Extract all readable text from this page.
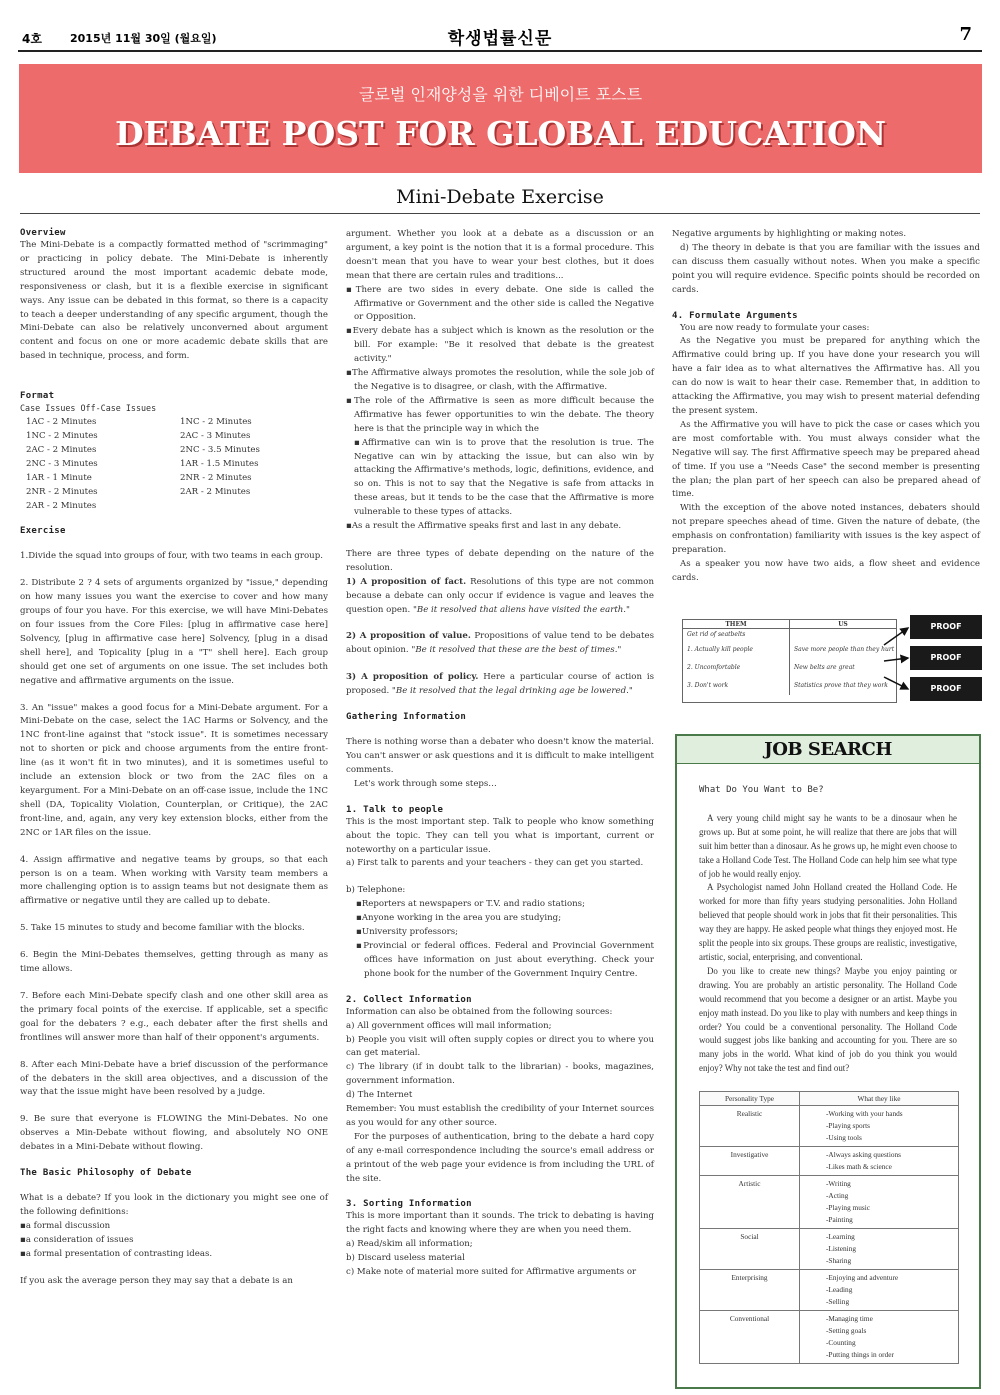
4호	2015년 11월 30일 (월요일)	학생법률신문	7
글로벌 인재양성을 위한 디베이트 포스트
DEBATE POST FOR GLOBAL EDUCATION
Mini-Debate Exercise
Overview

The Mini-Debate is a compactly formatted method of "scrimmaging" or practicing in policy debate. The Mini-Debate is inherently structured around the most important academic debate mode, responsiveness or clash, but it is a flexible exercise in significant ways. Any issue can be debated in this format, so there is a capacity to teach a deeper understanding of any specific argument, though the Mini-Debate can also be relatively unconverned about argument content and focus on one or more academic debate skills that are based in technique, process, and form.

Format
Case Issues Off-Case Issues
1AC - 2 Minutes	1NC - 2 Minutes
1NC - 2 Minutes	2AC - 3 Minutes
2AC - 2 Minutes	2NC - 3.5 Minutes
2NC - 3 Minutes	1AR - 1.5 Minutes
1AR - 1 Minute	2NR - 2 Minutes
2NR - 2 Minutes	2AR - 2 Minutes
2AR - 2 Minutes
Exercise

1.Divide the squad into groups of four, with two teams in each group.

2. Distribute 2 ? 4 sets of arguments organized by "issue," depending on how many issues you want the exercise to cover and how many groups of four you have. For this exercise, we will have Mini-Debates on four issues from the Core Files: [plug in affirmative case here] Solvency, [plug in affirmative case here] Solvency, [plug in a disad shell here], and Topicality [plug in a "T" shell here]. Each group should get one set of arguments on one issue. The set includes both negative and affirmative arguments on the issue.

3. An "issue" makes a good focus for a Mini-Debate argument. For a Mini-Debate on the case, select the 1AC Harms or Solvency, and the 1NC front-line against that "stock issue". It is sometimes necessary not to shorten or pick and choose arguments from the entire front-line (as it won't fit in two minutes), and it is sometimes useful to include an extension block or two from the 2AC files on a keyargument. For a Mini-Debate on an off-case issue, include the 1NC shell (DA, Topicality Violation, Counterplan, or Critique), the 2AC front-line, and, again, any very key extension blocks, either from the 2NC or 1AR files on the issue.

4. Assign affirmative and negative teams by groups, so that each person is on a team. When working with Varsity team members a more challenging option is to assign teams but not designate them as affirmative or negative until they are called up to debate.

5. Take 15 minutes to study and become familiar with the blocks.

6. Begin the Mini-Debates themselves, getting through as many as time allows.

7. Before each Mini-Debate specify clash and one other skill area as the primary focal points of the exercise. If applicable, set a specific goal for the debaters ? e.g., each debater after the first shells and frontlines will answer more than half of their opponent's arguments.

8. After each Mini-Debate have a brief discussion of the performance of the debaters in the skill area objectives, and a discussion of the way that the issue might have been resolved by a judge.

9. Be sure that everyone is FLOWING the Mini-Debates. No one observes a Min-Debate without flowing, and absolutely NO ONE debates in a Mini-Debate without flowing.

The Basic Philosophy of Debate

What is a debate? If you look in the dictionary you might see one of the following definitions:

▪ a formal discussion
▪ a consideration of issues
▪ a formal presentation of contrasting ideas.

If you ask the average person they may say that a debate is an

argument. Whether you look at a debate as a discussion or an argument, a key point is the notion that it is a formal procedure. This doesn't mean that you have to wear your best clothes, but it does mean that there are certain rules and traditions...

▪ There are two sides in every debate. One side is called the Affirmative or Government and the other side is called the Negative or Opposition.
▪ Every debate has a subject which is known as the resolution or the bill. For example: "Be it resolved that debate is the greatest activity."
▪ The Affirmative always promotes the resolution, while the sole job of the Negative is to disagree, or clash, with the Affirmative.
▪ The role of the Affirmative is seen as more difficult because the Affirmative has fewer opportunities to win the debate. The theory here is that the principle way in which the
▪ Affirmative can win is to prove that the resolution is true. The Negative can win by attacking the issue, but can also win by attacking the Affirmative's methods, logic, definitions, evidence, and so on. This is not to say that the Negative is safe from attacks in these areas, but it tends to be the case that the Affirmative is more vulnerable to these types of attacks.
▪ As a result the Affirmative speaks first and last in any debate.

There are three types of debate depending on the nature of the resolution.

1) A proposition of fact. Resolutions of this type are not common because a debate can only occur if evidence is vague and leaves the question open. "Be it resolved that aliens have visited the earth."

2) A proposition of value. Propositions of value tend to be debates about opinion. "Be it resolved that these are the best of times."

3) A proposition of policy. Here a particular course of action is proposed. "Be it resolved that the legal drinking age be lowered."

Gathering Information

There is nothing worse than a debater who doesn't know the material. You can't answer or ask questions and it is difficult to make intelligent comments.

Let's work through some steps…

1. Talk to people

This is the most important step. Talk to people who know something about the topic. They can tell you what is important, current or noteworthy on a particular issue.

a) First talk to parents and your teachers - they can get you started.

b) Telephone:

▪ Reporters at newspapers or T.V. and radio stations;
▪ Anyone working in the area you are studying;
▪ University professors;
▪ Provincial or federal offices. Federal and Provincial Government offices have information on just about everything. Check your phone book for the number of the Government Inquiry Centre.
2. Collect Information

Information can also be obtained from the following sources:

a) All government offices will mail information;

b) People you visit will often supply copies or direct you to where you can get material.

c) The library (if in doubt talk to the librarian) - books, magazines, government information.

d) The Internet

Remember: You must establish the credibility of your Internet sources as you would for any other source.

For the purposes of authentication, bring to the debate a hard copy of any e-mail correspondence including the source's email address or a printout of the web page your evidence is from including the URL of the site.

3. Sorting Information

This is more important than it sounds. The trick to debating is having the right facts and knowing where they are when you need them.

a) Read/skim all information;

b) Discard useless material

c) Make note of material more suited for Affirmative arguments or

Negative arguments by highlighting or making notes.

d) The theory in debate is that you are familiar with the issues and can discuss them casually without notes. When you make a specific point you will require evidence. Specific points should be recorded on cards.

4. Formulate Arguments

You are now ready to formulate your cases:

As the Negative you must be prepared for anything which the Affirmative could bring up. If you have done your research you will have a fair idea as to what alternatives the Affirmative has. All you can do now is wait to hear their case. Remember that, in addition to attacking the Affirmative, you may wish to present material defending the present system.

As the Affirmative you will have to pick the case or cases which you are most comfortable with. You must always consider what the Negative will say. The first Affirmative speech may be prepared ahead of time. If you use a "Needs Case" the second member is presenting the plan; the plan part of her speech can also be prepared ahead of time.

With the exception of the above noted instances, debaters should not prepare speeches ahead of time. Given the nature of debate, (the emphasis on confrontation) familiarity with issues is the key aspect of preparation.

As a speaker you now have two aids, a flow sheet and evidence cards.

THEM	US
Get rid of seatbelts
1. Actually kill people	Save more people than they hurt
2. Uncomfortable	New belts are great
3. Don't work	Statistics prove that they work
PROOF
PROOF
PROOF
JOB SEARCH
What Do You Want to Be?

A very young child might say he wants to be a dinosaur when he grows up. But at some point, he will realize that there are jobs that will suit him better than a dinosaur. As he grows up, he might even choose to take a Holland Code Test. The Holland Code can help him see what type of job he would really enjoy.

A Psychologist named John Holland created the Holland Code. He worked for more than fifty years studying personalities. John Holland believed that people should work in jobs that fit their personalities. This way they are happy. He asked people what things they enjoyed most. He split the people into six groups. These groups are realistic, investigative, artistic, social, enterprising, and conventional.

Do you like to create new things? Maybe you enjoy painting or drawing. You are probably an artistic personality. The Holland Code would recommend that you become a designer or an artist. Maybe you enjoy math instead. Do you like to play with numbers and keep things in order? You could be a conventional personality. The Holland Code would suggest jobs like banking and accounting for you. There are so many jobs in the world. What kind of job do you think you would enjoy? Why not take the test and find out?

Personality Type	What they like
Realistic	-Working with your hands
-Playing sports
-Using tools

Investigative	-Always asking questions
-Likes math & science

Artistic	-Writing
-Acting
-Playing music
-Painting

Social	-Learning
-Listening
-Sharing

Enterprising	-Enjoying and adventure
-Leading
-Selling

Conventional	-Managing time
-Setting goals
-Counting
-Putting things in order
